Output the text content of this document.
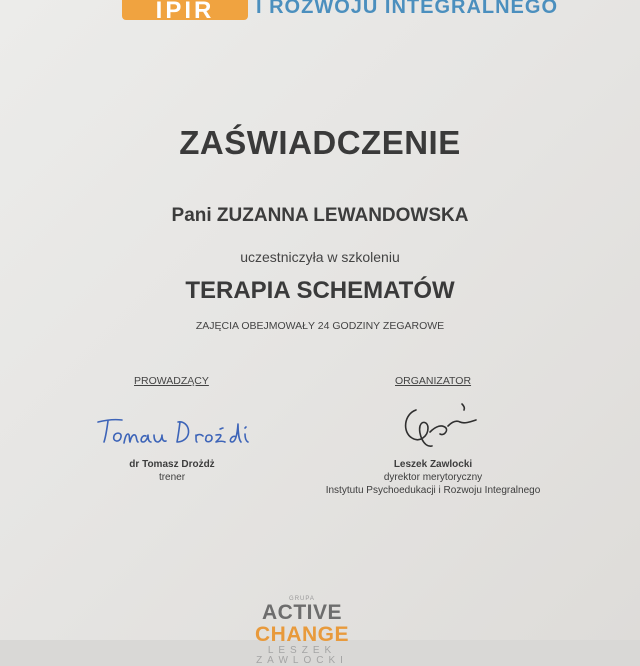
IPIR	I ROZWOJU INTEGRALNEGO
ZAŚWIADCZENIE
Pani ZUZANNA LEWANDOWSKA
uczestniczyła w szkoleniu
TERAPIA SCHEMATÓW
ZAJĘCIA OBEJMOWAŁY 24 GODZINY ZEGAROWE
PROWADZĄCY	ORGANIZATOR
dr Tomasz Drożdż
trener
Leszek Zawlocki
dyrektor merytoryczny
Instytutu Psychoedukacji i Rozwoju Integralnego
GRUPA
ACTIVE CHANGE
LESZEK ZAWLOCKI
